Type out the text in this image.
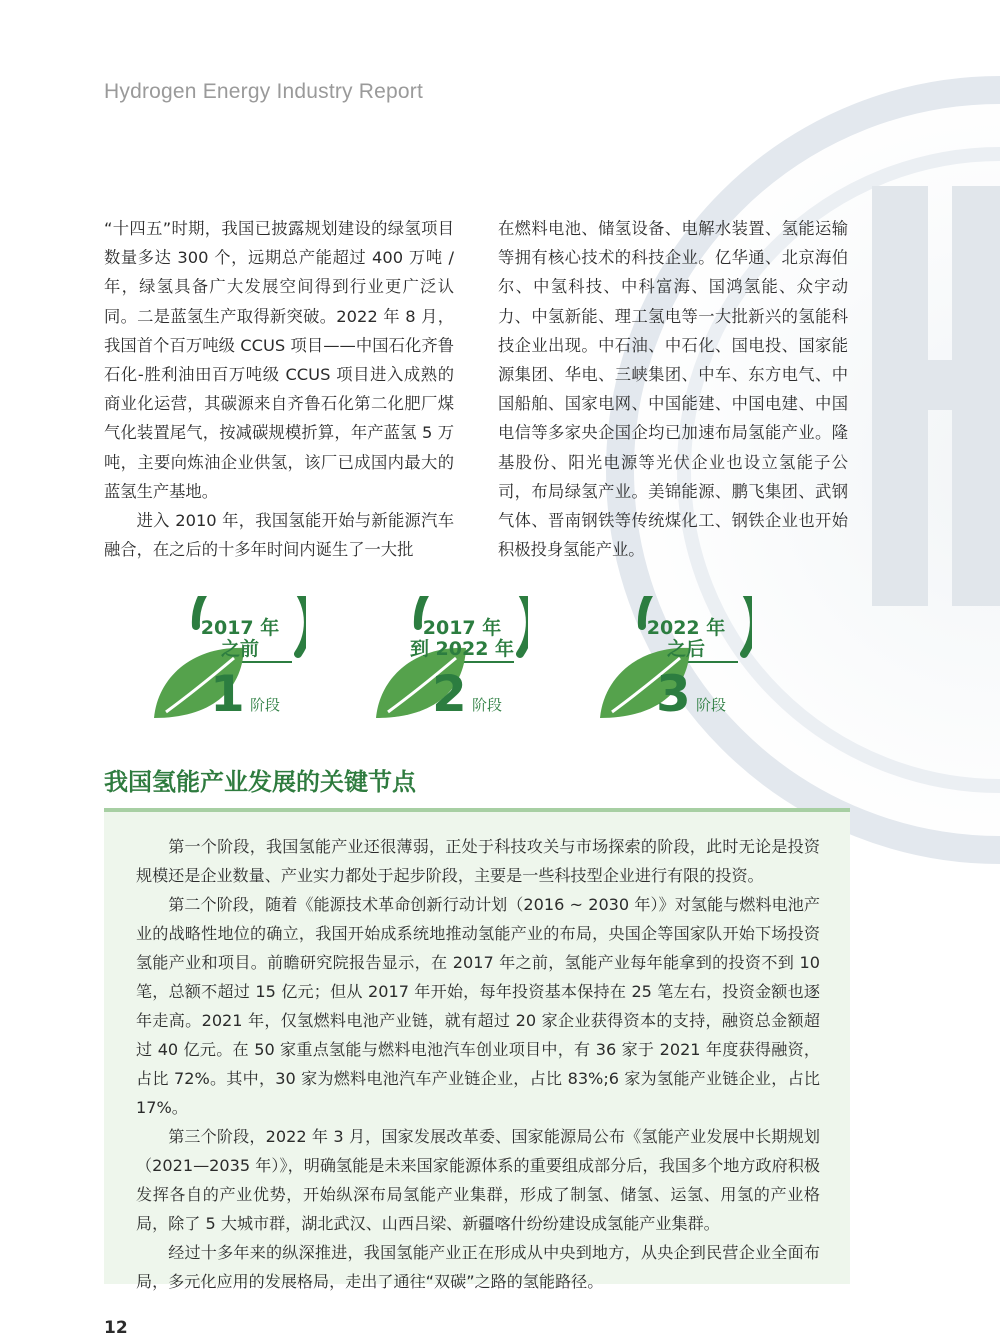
Hydrogen Energy Industry Report

“十四五”时期，我国已披露规划建设的绿氢项目数量多达 300 个，远期总产能超过 400 万吨 / 年，绿氢具备广大发展空间得到行业更广泛认同。二是蓝氢生产取得新突破。2022 年 8 月，我国首个百万吨级 CCUS 项目——中国石化齐鲁石化-胜利油田百万吨级 CCUS 项目进入成熟的商业化运营，其碳源来自齐鲁石化第二化肥厂煤气化装置尾气，按减碳规模折算，年产蓝氢 5 万吨，主要向炼油企业供氢，该厂已成国内最大的蓝氢生产基地。

进入 2010 年，我国氢能开始与新能源汽车融合，在之后的十多年时间内诞生了一大批

在燃料电池、储氢设备、电解水装置、氢能运输等拥有核心技术的科技企业。亿华通、北京海伯尔、中氢科技、中科富海、国鸿氢能、众宇动力、中氢新能、理工氢电等一大批新兴的氢能科技企业出现。中石油、中石化、国电投、国家能源集团、华电、三峡集团、中车、东方电气、中国船舶、国家电网、中国能建、中国电建、中国电信等多家央企国企均已加速布局氢能产业。隆基股份、阳光电源等光伏企业也设立氢能子公司，布局绿氢产业。美锦能源、鹏飞集团、武钢气体、晋南钢铁等传统煤化工、钢铁企业也开始积极投身氢能产业。

2017 年
之前
1 阶段
2017 年
到 2022 年
2 阶段
2022 年
之后
3 阶段
我国氢能产业发展的关键节点

第一个阶段，我国氢能产业还很薄弱，正处于科技攻关与市场探索的阶段，此时无论是投资规模还是企业数量、产业实力都处于起步阶段，主要是一些科技型企业进行有限的投资。

第二个阶段，随着《能源技术革命创新行动计划（2016 ~ 2030 年）》对氢能与燃料电池产业的战略性地位的确立，我国开始成系统地推动氢能产业的布局，央国企等国家队开始下场投资氢能产业和项目。前瞻研究院报告显示，在 2017 年之前，氢能产业每年能拿到的投资不到 10 笔，总额不超过 15 亿元；但从 2017 年开始，每年投资基本保持在 25 笔左右，投资金额也逐年走高。2021 年，仅氢燃料电池产业链，就有超过 20 家企业获得资本的支持，融资总金额超过 40 亿元。在 50 家重点氢能与燃料电池汽车创业项目中，有 36 家于 2021 年度获得融资，占比 72%。其中，30 家为燃料电池汽车产业链企业，占比 83%;6 家为氢能产业链企业，占比 17%。

第三个阶段，2022 年 3 月，国家发展改革委、国家能源局公布《氢能产业发展中长期规划（2021—2035 年）》，明确氢能是未来国家能源体系的重要组成部分后，我国多个地方政府积极发挥各自的产业优势，开始纵深布局氢能产业集群，形成了制氢、储氢、运氢、用氢的产业格局，除了 5 大城市群，湖北武汉、山西吕梁、新疆喀什纷纷建设成氢能产业集群。

经过十多年来的纵深推进，我国氢能产业正在形成从中央到地方，从央企到民营企业全面布局，多元化应用的发展格局，走出了通往“双碳”之路的氢能路径。

12
